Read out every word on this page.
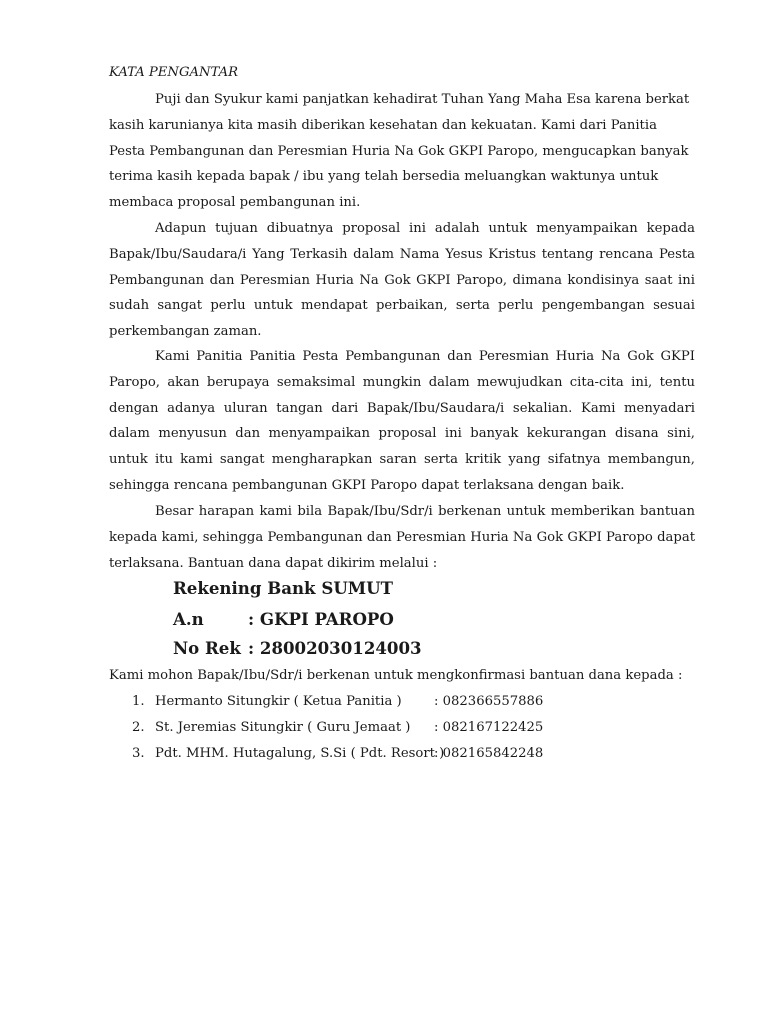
KATA PENGANTAR

Puji dan Syukur kami panjatkan kehadirat Tuhan Yang Maha Esa karena berkat kasih karunianya kita masih diberikan kesehatan dan kekuatan. Kami dari Panitia Pesta Pembangunan dan Peresmian Huria Na Gok GKPI Paropo, mengucapkan banyak terima kasih kepada bapak / ibu yang telah bersedia meluangkan waktunya untuk membaca proposal pembangunan ini.

Adapun tujuan dibuatnya proposal ini adalah untuk menyampaikan kepada Bapak/Ibu/Saudara/i Yang Terkasih dalam Nama Yesus Kristus tentang rencana Pesta Pembangunan dan Peresmian Huria Na Gok GKPI Paropo, dimana kondisinya saat ini sudah sangat perlu untuk mendapat perbaikan, serta perlu pengembangan sesuai perkembangan zaman.

Kami Panitia Panitia Pesta Pembangunan dan Peresmian Huria Na Gok GKPI Paropo, akan berupaya semaksimal mungkin dalam mewujudkan cita-cita ini, tentu dengan adanya uluran tangan dari Bapak/Ibu/Saudara/i sekalian. Kami menyadari dalam menyusun dan menyampaikan proposal ini banyak kekurangan disana sini, untuk itu kami sangat mengharapkan saran serta kritik yang sifatnya membangun, sehingga rencana pembangunan GKPI Paropo dapat terlaksana dengan baik.

Besar harapan kami bila Bapak/Ibu/Sdr/i berkenan untuk memberikan bantuan kepada kami, sehingga Pembangunan dan Peresmian Huria Na Gok GKPI Paropo dapat terlaksana. Bantuan dana dapat dikirim melalui :

Rekening Bank SUMUT
A.n	: GKPI PAROPO
No Rek : 28002030124003
Kami mohon Bapak/Ibu/Sdr/i berkenan untuk mengkonfirmasi bantuan dana kepada :
1. Hermanto Situngkir ( Ketua Panitia ) : 082366557886
2. St. Jeremias Situngkir ( Guru Jemaat ) : 082167122425
3. Pdt. MHM. Hutagalung, S.Si ( Pdt. Resort ): 082165842248
